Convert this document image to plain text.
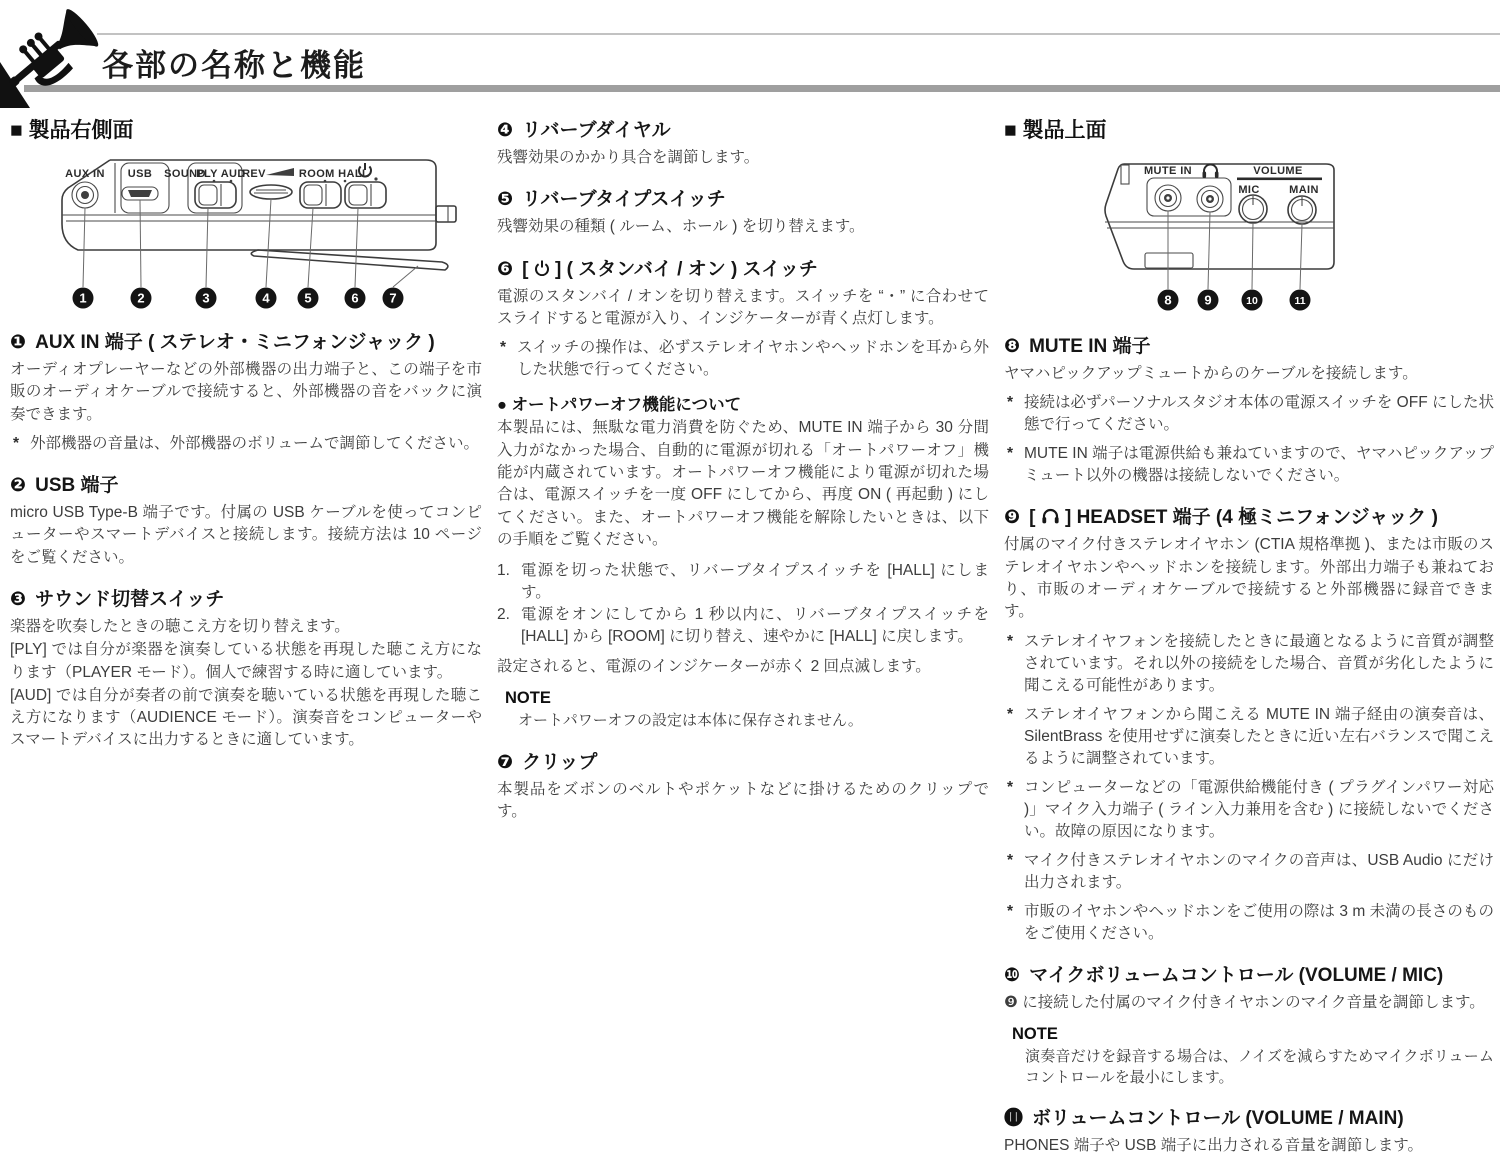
各部の名称と機能
■ 製品右側面
AUX IN USB SOUND
PLY AUD
REV	ROOM HALL
1	2	3	4	5	6 7
❶ AUX IN 端子 ( ステレオ・ミニフォンジャック )

オーディオプレーヤーなどの外部機器の出力端子と、この端子を市販のオーディオケーブルで接続すると、外部機器の音をバックに演奏できます。

* 外部機器の音量は、外部機器のボリュームで調節してください。
❷ USB 端子

micro USB Type-B 端子です。付属の USB ケーブルを使ってコンピューターやスマートデバイスと接続します。接続方法は 10 ページをご覧ください。

❸ サウンド切替スイッチ

楽器を吹奏したときの聴こえ方を切り替えます。

[PLY] では自分が楽器を演奏している状態を再現した聴こえ方になります（PLAYER モード）。個人で練習する時に適しています。

[AUD] では自分が奏者の前で演奏を聴いている状態を再現した聴こえ方になります（AUDIENCE モード）。演奏音をコンピューターやスマートデバイスに出力するときに適しています。

❹ リバーブダイヤル

残響効果のかかり具合を調節します。

❺ リバーブタイプスイッチ

残響効果の種類 ( ルーム、ホール ) を切り替えます。

❻ [ ] ( スタンバイ / オン ) スイッチ

電源のスタンバイ / オンを切り替えます。スイッチを “・” に合わせてスライドすると電源が入り、インジケーターが青く点灯します。

* スイッチの操作は、必ずステレオイヤホンやヘッドホンを耳から外した状態で行ってください。
● オートパワーオフ機能について

本製品には、無駄な電力消費を防ぐため、MUTE IN 端子から 30 分間入力がなかった場合、自動的に電源が切れる「オートパワーオフ」機能が内蔵されています。オートパワーオフ機能により電源が切れた場合は、電源スイッチを一度 OFF にしてから、再度 ON ( 再起動 ) にしてください。また、オートパワーオフ機能を解除したいときは、以下の手順をご覧ください。

1. 電源を切った状態で、リバーブタイプスイッチを [HALL] にします。
2. 電源をオンにしてから 1 秒以内に、リバーブタイプスイッチを [HALL] から [ROOM] に切り替え、速やかに [HALL] に戻します。

設定されると、電源のインジケーターが赤く 2 回点滅します。

NOTE
オートパワーオフの設定は本体に保存されません。
❼ クリップ

本製品をズボンのベルトやポケットなどに掛けるためのクリップです。

■ 製品上面
MUTE IN	VOLUME
MIC	MAIN
8	9	10	11
❽ MUTE IN 端子

ヤマハピックアップミュートからのケーブルを接続します。

* 接続は必ずパーソナルスタジオ本体の電源スイッチを OFF にした状態で行ってください。
* MUTE IN 端子は電源供給も兼ねていますので、ヤマハピックアップミュート以外の機器は接続しないでください。
❾ [ ] HEADSET 端子 (4 極ミニフォンジャック )

付属のマイク付きステレオイヤホン (CTIA 規格準拠 )、または市販のステレオイヤホンやヘッドホンを接続します。外部出力端子も兼ねており、市販のオーディオケーブルで接続すると外部機器に録音できます。

* ステレオイヤフォンを接続したときに最適となるように音質が調整されています。それ以外の接続をした場合、音質が劣化したように聞こえる可能性があります。
* ステレオイヤフォンから聞こえる MUTE IN 端子経由の演奏音は、SilentBrass を使用せずに演奏したときに近い左右バランスで聞こえるように調整されています。
* コンピューターなどの「電源供給機能付き ( プラグインパワー対応 )」マイク入力端子 ( ライン入力兼用を含む ) に接続しないでください。故障の原因になります。
* マイク付きステレオイヤホンのマイクの音声は、USB Audio にだけ出力されます。
* 市販のイヤホンやヘッドホンをご使用の際は 3 m 未満の長さのものをご使用ください。
❿ マイクボリュームコントロール (VOLUME / MIC)

❾ に接続した付属のマイク付きイヤホンのマイク音量を調節します。

NOTE
演奏音だけを録音する場合は、ノイズを減らすためマイクボリュームコントロールを最小にします。
⓫ ボリュームコントロール (VOLUME / MAIN)

PHONES 端子や USB 端子に出力される音量を調節します。
